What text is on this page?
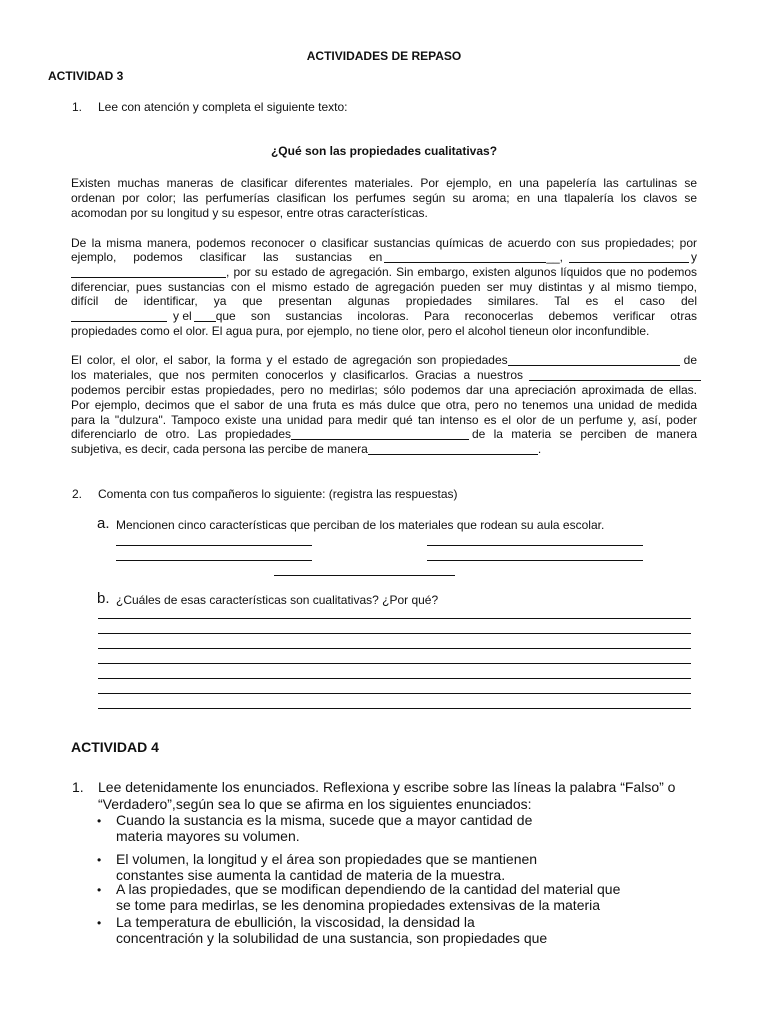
ACTIVIDADES DE REPASO
ACTIVIDAD 3
1. Lee con atención y completa el siguiente texto:
¿Qué son las propiedades cualitativas?
Existen muchas maneras de clasificar diferentes materiales. Por ejemplo, en una papelería las cartulinas se
ordenan por color; las perfumerías clasifican los perfumes según su aroma; en una tlapalería los clavos se
acomodan por su longitud y su espesor, entre otras características.
De la misma manera, podemos reconocer o clasificar sustancias químicas de acuerdo con sus propiedades; por
ejemplo, podemos clasificar las sustancias en	__,	y
, por su estado de agregación. Sin embargo, existen algunos líquidos que no podemos
diferenciar, pues sustancias con el mismo estado de agregación pueden ser muy distintas y al mismo tiempo,
difícil de identificar, ya que presentan algunas propiedades similares. Tal es el caso del
y el que son sustancias incoloras. Para reconocerlas debemos verificar otras
propiedades como el olor. El agua pura, por ejemplo, no tiene olor, pero el alcohol tieneun olor inconfundible.
El color, el olor, el sabor, la forma y el estado de agregación son propiedades	de
los materiales, que nos permiten conocerlos y clasificarlos. Gracias a nuestros
podemos percibir estas propiedades, pero no medirlas; sólo podemos dar una apreciación aproximada de ellas.
Por ejemplo, decimos que el sabor de una fruta es más dulce que otra, pero no tenemos una unidad de medida
para la "dulzura". Tampoco existe una unidad para medir qué tan intenso es el olor de un perfume y, así, poder
diferenciarlo de otro. Las propiedades	de la materia se perciben de manera
subjetiva, es decir, cada persona las percibe de manera	.
2. Comenta con tus compañeros lo siguiente: (registra las respuestas)
a. Mencionen cinco características que perciban de los materiales que rodean su aula escolar.
b. ¿Cuáles de esas características son cualitativas? ¿Por qué?
ACTIVIDAD 4
1. Lee detenidamente los enunciados. Reflexiona y escribe sobre las líneas la palabra “Falso” o
“Verdadero”,según sea lo que se afirma en los siguientes enunciados:
• Cuando la sustancia es la misma, sucede que a mayor cantidad de
materia mayores su volumen.
• El volumen, la longitud y el área son propiedades que se mantienen
constantes sise aumenta la cantidad de materia de la muestra.
• A las propiedades, que se modifican dependiendo de la cantidad del material que
se tome para medirlas, se les denomina propiedades extensivas de la materia
• La temperatura de ebullición, la viscosidad, la densidad la
concentración y la solubilidad de una sustancia, son propiedades que
